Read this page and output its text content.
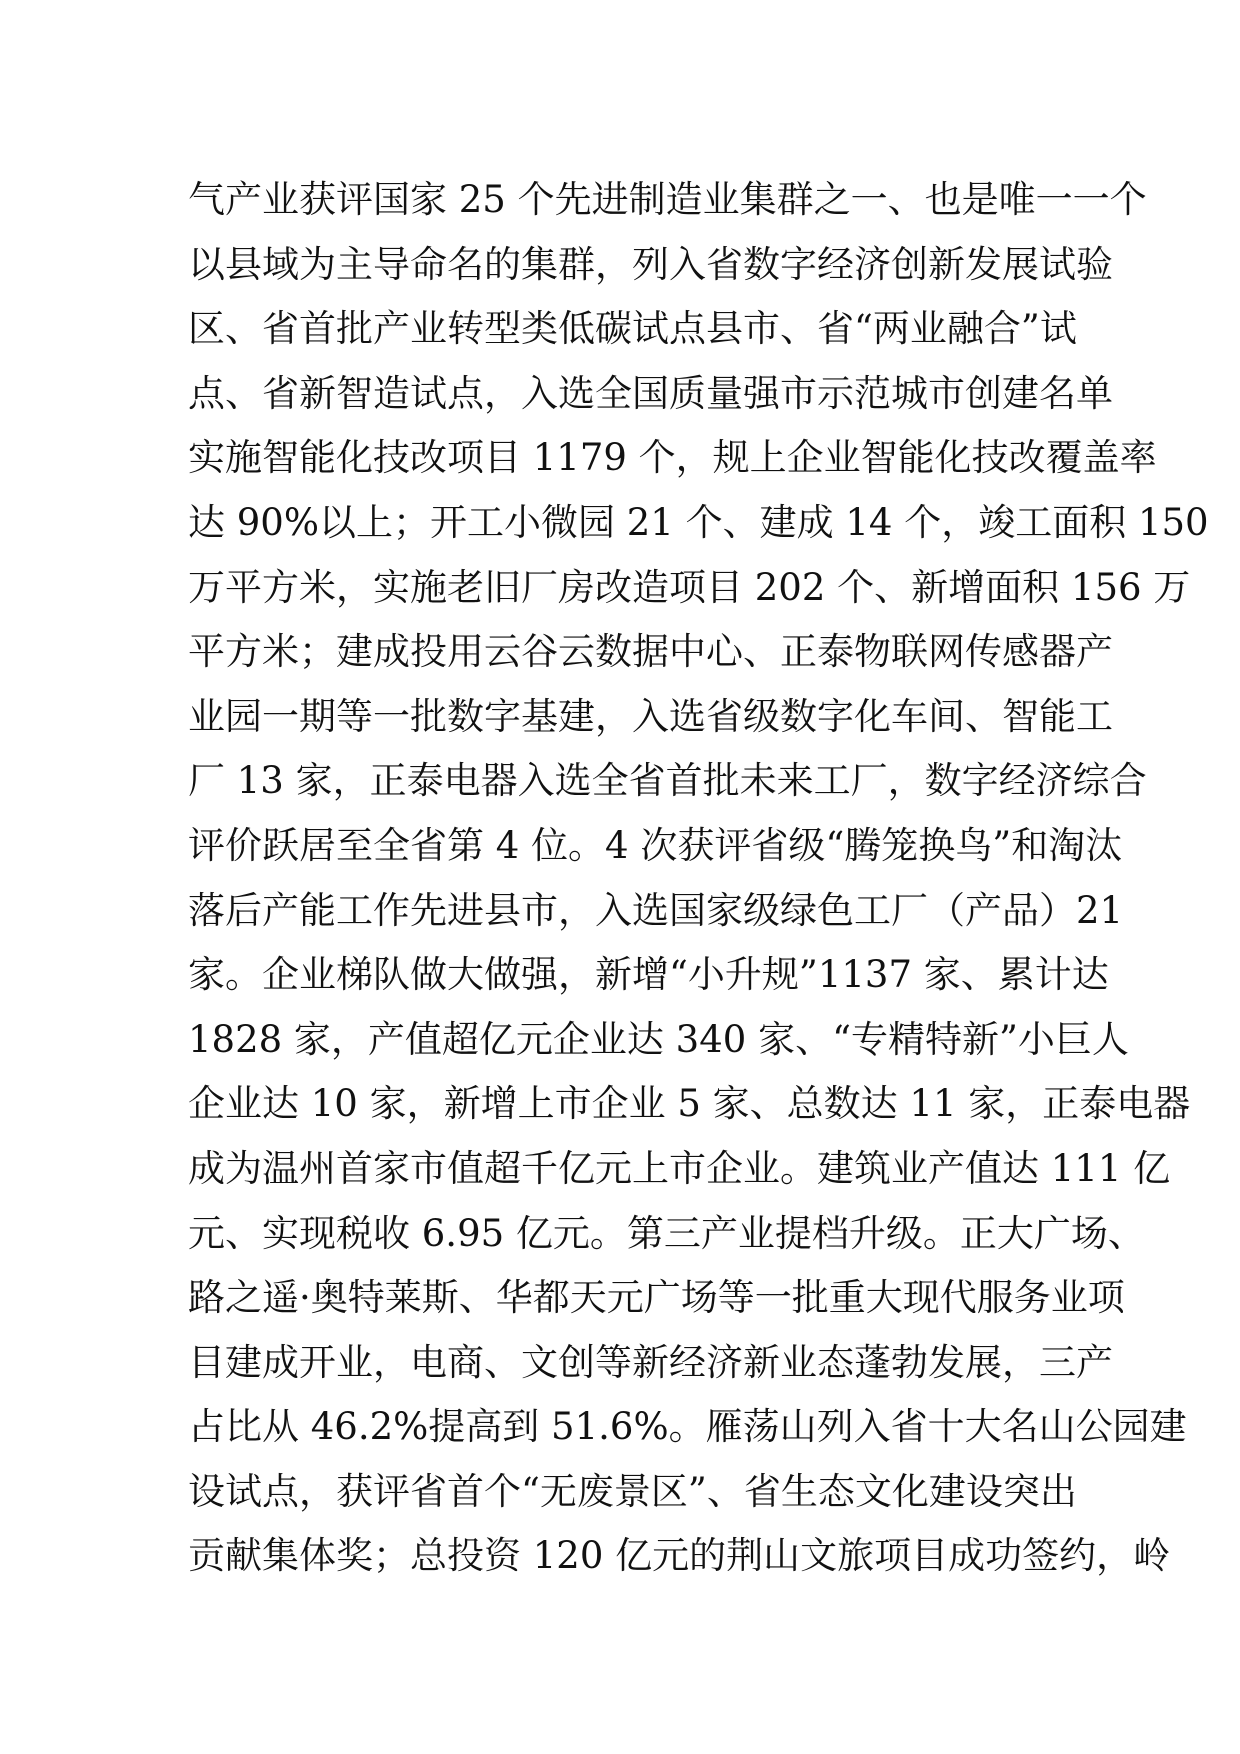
气产业获评国家 25 个先进制造业集群之一、也是唯一一个
以县域为主导命名的集群，列入省数字经济创新发展试验
区、省首批产业转型类低碳试点县市、省“两业融合”试
点、省新智造试点，入选全国质量强市示范城市创建名单
实施智能化技改项目 1179 个，规上企业智能化技改覆盖率
达 90%以上；开工小微园 21 个、建成 14 个，竣工面积 150
万平方米，实施老旧厂房改造项目 202 个、新增面积 156 万
平方米；建成投用云谷云数据中心、正泰物联网传感器产
业园一期等一批数字基建，入选省级数字化车间、智能工
厂 13 家，正泰电器入选全省首批未来工厂，数字经济综合
评价跃居至全省第 4 位。4 次获评省级“腾笼换鸟”和淘汰
落后产能工作先进县市，入选国家级绿色工厂（产品）21
家。企业梯队做大做强，新增“小升规”1137 家、累计达
1828 家，产值超亿元企业达 340 家、“专精特新”小巨人
企业达 10 家，新增上市企业 5 家、总数达 11 家，正泰电器
成为温州首家市值超千亿元上市企业。建筑业产值达 111 亿
元、实现税收 6.95 亿元。第三产业提档升级。正大广场、
路之遥·奥特莱斯、华都天元广场等一批重大现代服务业项
目建成开业，电商、文创等新经济新业态蓬勃发展，三产
占比从 46.2%提高到 51.6%。雁荡山列入省十大名山公园建
设试点，获评省首个“无废景区”、省生态文化建设突出
贡献集体奖；总投资 120 亿元的荆山文旅项目成功签约，岭
